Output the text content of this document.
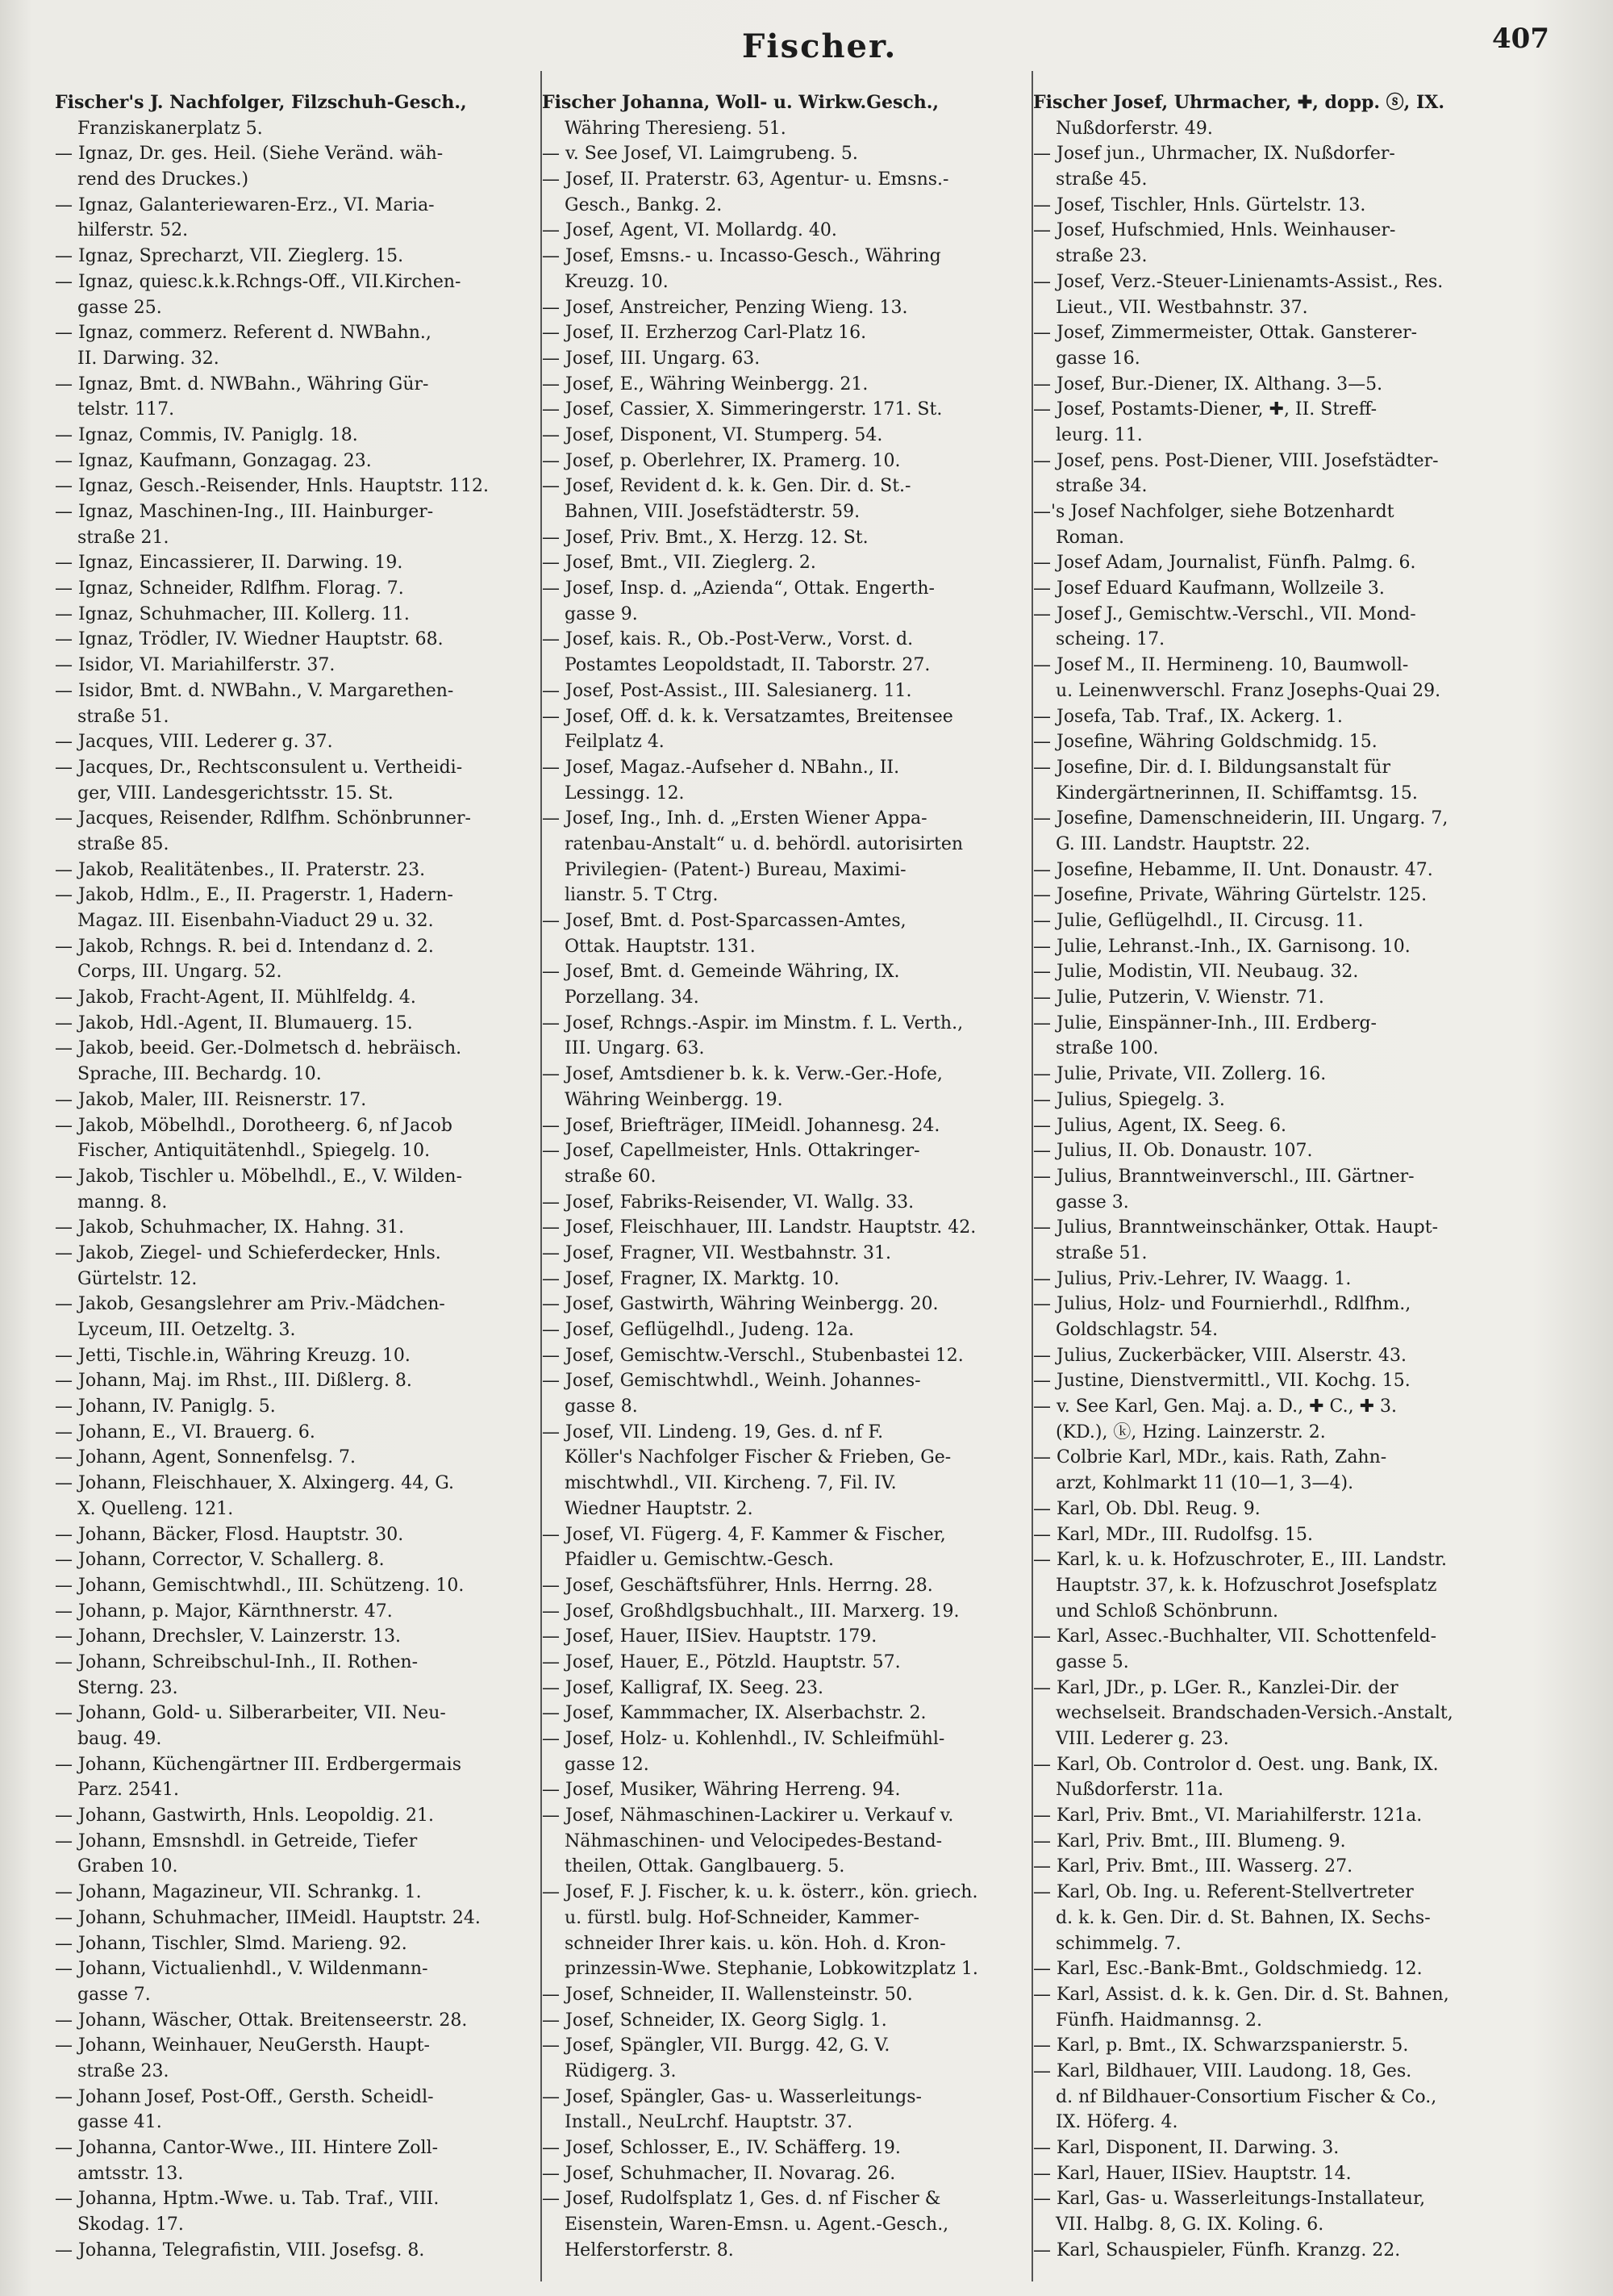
Fischer.	407
Fischer's J. Nachfolger, Filzschuh-Gesch.,
Franziskanerplatz 5.
— Ignaz, Dr. ges. Heil. (Siehe Veränd. wäh-
rend des Druckes.)
— Ignaz, Galanteriewaren-Erz., VI. Maria-
hilferstr. 52.
— Ignaz, Sprecharzt, VII. Zieglerg. 15.
— Ignaz, quiesc.k.k.Rchngs-Off., VII.Kirchen-
gasse 25.
— Ignaz, commerz. Referent d. NWBahn.,
II. Darwing. 32.
— Ignaz, Bmt. d. NWBahn., Währing Gür-
telstr. 117.
— Ignaz, Commis, IV. Paniglg. 18.
— Ignaz, Kaufmann, Gonzagag. 23.
— Ignaz, Gesch.-Reisender, Hnls. Hauptstr. 112.
— Ignaz, Maschinen-Ing., III. Hainburger-
straße 21.
— Ignaz, Eincassierer, II. Darwing. 19.
— Ignaz, Schneider, Rdlfhm. Florag. 7.
— Ignaz, Schuhmacher, III. Kollerg. 11.
— Ignaz, Trödler, IV. Wiedner Hauptstr. 68.
— Isidor, VI. Mariahilferstr. 37.
— Isidor, Bmt. d. NWBahn., V. Margarethen-
straße 51.
— Jacques, VIII. Lederer g. 37.
— Jacques, Dr., Rechtsconsulent u. Vertheidi-
ger, VIII. Landesgerichtsstr. 15. St.
— Jacques, Reisender, Rdlfhm. Schönbrunner-
straße 85.
— Jakob, Realitätenbes., II. Praterstr. 23.
— Jakob, Hdlm., E., II. Pragerstr. 1, Hadern-
Magaz. III. Eisenbahn-Viaduct 29 u. 32.
— Jakob, Rchngs. R. bei d. Intendanz d. 2.
Corps, III. Ungarg. 52.
— Jakob, Fracht-Agent, II. Mühlfeldg. 4.
— Jakob, Hdl.-Agent, II. Blumauerg. 15.
— Jakob, beeid. Ger.-Dolmetsch d. hebräisch.
Sprache, III. Bechardg. 10.
— Jakob, Maler, III. Reisnerstr. 17.
— Jakob, Möbelhdl., Dorotheerg. 6, nf Jacob
Fischer, Antiquitätenhdl., Spiegelg. 10.
— Jakob, Tischler u. Möbelhdl., E., V. Wilden-
manng. 8.
— Jakob, Schuhmacher, IX. Hahng. 31.
— Jakob, Ziegel- und Schieferdecker, Hnls.
Gürtelstr. 12.
— Jakob, Gesangslehrer am Priv.-Mädchen-
Lyceum, III. Oetzeltg. 3.
— Jetti, Tischle.in, Währing Kreuzg. 10.
— Johann, Maj. im Rhst., III. Dißlerg. 8.
— Johann, IV. Paniglg. 5.
— Johann, E., VI. Brauerg. 6.
— Johann, Agent, Sonnenfelsg. 7.
— Johann, Fleischhauer, X. Alxingerg. 44, G.
X. Quelleng. 121.
— Johann, Bäcker, Flosd. Hauptstr. 30.
— Johann, Corrector, V. Schallerg. 8.
— Johann, Gemischtwhdl., III. Schützeng. 10.
— Johann, p. Major, Kärnthnerstr. 47.
— Johann, Drechsler, V. Lainzerstr. 13.
— Johann, Schreibschul-Inh., II. Rothen-
Sterng. 23.
— Johann, Gold- u. Silberarbeiter, VII. Neu-
baug. 49.
— Johann, Küchengärtner III. Erdbergermais
Parz. 2541.
— Johann, Gastwirth, Hnls. Leopoldig. 21.
— Johann, Emsnshdl. in Getreide, Tiefer
Graben 10.
— Johann, Magazineur, VII. Schrankg. 1.
— Johann, Schuhmacher, IIMeidl. Hauptstr. 24.
— Johann, Tischler, Slmd. Marieng. 92.
— Johann, Victualienhdl., V. Wildenmann-
gasse 7.
— Johann, Wäscher, Ottak. Breitenseerstr. 28.
— Johann, Weinhauer, NeuGersth. Haupt-
straße 23.
— Johann Josef, Post-Off., Gersth. Scheidl-
gasse 41.
— Johanna, Cantor-Wwe., III. Hintere Zoll-
amtsstr. 13.
— Johanna, Hptm.-Wwe. u. Tab. Traf., VIII.
Skodag. 17.
— Johanna, Telegrafistin, VIII. Josefsg. 8.
Fischer Johanna, Woll- u. Wirkw.Gesch.,
Währing Theresieng. 51.
— v. See Josef, VI. Laimgrubeng. 5.
— Josef, II. Praterstr. 63, Agentur- u. Emsns.-
Gesch., Bankg. 2.
— Josef, Agent, VI. Mollardg. 40.
— Josef, Emsns.- u. Incasso-Gesch., Währing
Kreuzg. 10.
— Josef, Anstreicher, Penzing Wieng. 13.
— Josef, II. Erzherzog Carl-Platz 16.
— Josef, III. Ungarg. 63.
— Josef, E., Währing Weinbergg. 21.
— Josef, Cassier, X. Simmeringerstr. 171. St.
— Josef, Disponent, VI. Stumperg. 54.
— Josef, p. Oberlehrer, IX. Pramerg. 10.
— Josef, Revident d. k. k. Gen. Dir. d. St.-
Bahnen, VIII. Josefstädterstr. 59.
— Josef, Priv. Bmt., X. Herzg. 12. St.
— Josef, Bmt., VII. Zieglerg. 2.
— Josef, Insp. d. „Azienda“, Ottak. Engerth-
gasse 9.
— Josef, kais. R., Ob.-Post-Verw., Vorst. d.
Postamtes Leopoldstadt, II. Taborstr. 27.
— Josef, Post-Assist., III. Salesianerg. 11.
— Josef, Off. d. k. k. Versatzamtes, Breitensee
Feilplatz 4.
— Josef, Magaz.-Aufseher d. NBahn., II.
Lessingg. 12.
— Josef, Ing., Inh. d. „Ersten Wiener Appa-
ratenbau-Anstalt“ u. d. behördl. autorisirten
Privilegien- (Patent-) Bureau, Maximi-
lianstr. 5. T Ctrg.
— Josef, Bmt. d. Post-Sparcassen-Amtes,
Ottak. Hauptstr. 131.
— Josef, Bmt. d. Gemeinde Währing, IX.
Porzellang. 34.
— Josef, Rchngs.-Aspir. im Minstm. f. L. Verth.,
III. Ungarg. 63.
— Josef, Amtsdiener b. k. k. Verw.-Ger.-Hofe,
Währing Weinbergg. 19.
— Josef, Briefträger, IIMeidl. Johannesg. 24.
— Josef, Capellmeister, Hnls. Ottakringer-
straße 60.
— Josef, Fabriks-Reisender, VI. Wallg. 33.
— Josef, Fleischhauer, III. Landstr. Hauptstr. 42.
— Josef, Fragner, VII. Westbahnstr. 31.
— Josef, Fragner, IX. Marktg. 10.
— Josef, Gastwirth, Währing Weinbergg. 20.
— Josef, Geflügelhdl., Judeng. 12a.
— Josef, Gemischtw.-Verschl., Stubenbastei 12.
— Josef, Gemischtwhdl., Weinh. Johannes-
gasse 8.
— Josef, VII. Lindeng. 19, Ges. d. nf F.
Köller's Nachfolger Fischer & Frieben, Ge-
mischtwhdl., VII. Kircheng. 7, Fil. IV.
Wiedner Hauptstr. 2.
— Josef, VI. Fügerg. 4, F. Kammer & Fischer,
Pfaidler u. Gemischtw.-Gesch.
— Josef, Geschäftsführer, Hnls. Herrng. 28.
— Josef, Großhdlgsbuchhalt., III. Marxerg. 19.
— Josef, Hauer, IISiev. Hauptstr. 179.
— Josef, Hauer, E., Pötzld. Hauptstr. 57.
— Josef, Kalligraf, IX. Seeg. 23.
— Josef, Kammmacher, IX. Alserbachstr. 2.
— Josef, Holz- u. Kohlenhdl., IV. Schleifmühl-
gasse 12.
— Josef, Musiker, Währing Herreng. 94.
— Josef, Nähmaschinen-Lackirer u. Verkauf v.
Nähmaschinen- und Velocipedes-Bestand-
theilen, Ottak. Ganglbauerg. 5.
— Josef, F. J. Fischer, k. u. k. österr., kön. griech.
u. fürstl. bulg. Hof-Schneider, Kammer-
schneider Ihrer kais. u. kön. Hoh. d. Kron-
prinzessin-Wwe. Stephanie, Lobkowitzplatz 1.
— Josef, Schneider, II. Wallensteinstr. 50.
— Josef, Schneider, IX. Georg Siglg. 1.
— Josef, Spängler, VII. Burgg. 42, G. V.
Rüdigerg. 3.
— Josef, Spängler, Gas- u. Wasserleitungs-
Install., NeuLrchf. Hauptstr. 37.
— Josef, Schlosser, E., IV. Schäfferg. 19.
— Josef, Schuhmacher, II. Novarag. 26.
— Josef, Rudolfsplatz 1, Ges. d. nf Fischer &
Eisenstein, Waren-Emsn. u. Agent.-Gesch.,
Helferstorferstr. 8.
Fischer Josef, Uhrmacher, ✚, dopp. ⓢ, IX.
Nußdorferstr. 49.
— Josef jun., Uhrmacher, IX. Nußdorfer-
straße 45.
— Josef, Tischler, Hnls. Gürtelstr. 13.
— Josef, Hufschmied, Hnls. Weinhauser-
straße 23.
— Josef, Verz.-Steuer-Linienamts-Assist., Res.
Lieut., VII. Westbahnstr. 37.
— Josef, Zimmermeister, Ottak. Gansterer-
gasse 16.
— Josef, Bur.-Diener, IX. Althang. 3—5.
— Josef, Postamts-Diener, ✚, II. Streff-
leurg. 11.
— Josef, pens. Post-Diener, VIII. Josefstädter-
straße 34.
—'s Josef Nachfolger, siehe Botzenhardt
Roman.
— Josef Adam, Journalist, Fünfh. Palmg. 6.
— Josef Eduard Kaufmann, Wollzeile 3.
— Josef J., Gemischtw.-Verschl., VII. Mond-
scheing. 17.
— Josef M., II. Hermineng. 10, Baumwoll-
u. Leinenwverschl. Franz Josephs-Quai 29.
— Josefa, Tab. Traf., IX. Ackerg. 1.
— Josefine, Währing Goldschmidg. 15.
— Josefine, Dir. d. I. Bildungsanstalt für
Kindergärtnerinnen, II. Schiffamtsg. 15.
— Josefine, Damenschneiderin, III. Ungarg. 7,
G. III. Landstr. Hauptstr. 22.
— Josefine, Hebamme, II. Unt. Donaustr. 47.
— Josefine, Private, Währing Gürtelstr. 125.
— Julie, Geflügelhdl., II. Circusg. 11.
— Julie, Lehranst.-Inh., IX. Garnisong. 10.
— Julie, Modistin, VII. Neubaug. 32.
— Julie, Putzerin, V. Wienstr. 71.
— Julie, Einspänner-Inh., III. Erdberg-
straße 100.
— Julie, Private, VII. Zollerg. 16.
— Julius, Spiegelg. 3.
— Julius, Agent, IX. Seeg. 6.
— Julius, II. Ob. Donaustr. 107.
— Julius, Branntweinverschl., III. Gärtner-
gasse 3.
— Julius, Branntweinschänker, Ottak. Haupt-
straße 51.
— Julius, Priv.-Lehrer, IV. Waagg. 1.
— Julius, Holz- und Fournierhdl., Rdlfhm.,
Goldschlagstr. 54.
— Julius, Zuckerbäcker, VIII. Alserstr. 43.
— Justine, Dienstvermittl., VII. Kochg. 15.
— v. See Karl, Gen. Maj. a. D., ✚ C., ✚ 3.
(KD.), ⓚ, Hzing. Lainzerstr. 2.
— Colbrie Karl, MDr., kais. Rath, Zahn-
arzt, Kohlmarkt 11 (10—1, 3—4).
— Karl, Ob. Dbl. Reug. 9.
— Karl, MDr., III. Rudolfsg. 15.
— Karl, k. u. k. Hofzuschroter, E., III. Landstr.
Hauptstr. 37, k. k. Hofzuschrot Josefsplatz
und Schloß Schönbrunn.
— Karl, Assec.-Buchhalter, VII. Schottenfeld-
gasse 5.
— Karl, JDr., p. LGer. R., Kanzlei-Dir. der
wechselseit. Brandschaden-Versich.-Anstalt,
VIII. Lederer g. 23.
— Karl, Ob. Controlor d. Oest. ung. Bank, IX.
Nußdorferstr. 11a.
— Karl, Priv. Bmt., VI. Mariahilferstr. 121a.
— Karl, Priv. Bmt., III. Blumeng. 9.
— Karl, Priv. Bmt., III. Wasserg. 27.
— Karl, Ob. Ing. u. Referent-Stellvertreter
d. k. k. Gen. Dir. d. St. Bahnen, IX. Sechs-
schimmelg. 7.
— Karl, Esc.-Bank-Bmt., Goldschmiedg. 12.
— Karl, Assist. d. k. k. Gen. Dir. d. St. Bahnen,
Fünfh. Haidmannsg. 2.
— Karl, p. Bmt., IX. Schwarzspanierstr. 5.
— Karl, Bildhauer, VIII. Laudong. 18, Ges.
d. nf Bildhauer-Consortium Fischer & Co.,
IX. Höferg. 4.
— Karl, Disponent, II. Darwing. 3.
— Karl, Hauer, IISiev. Hauptstr. 14.
— Karl, Gas- u. Wasserleitungs-Installateur,
VII. Halbg. 8, G. IX. Koling. 6.
— Karl, Schauspieler, Fünfh. Kranzg. 22.
